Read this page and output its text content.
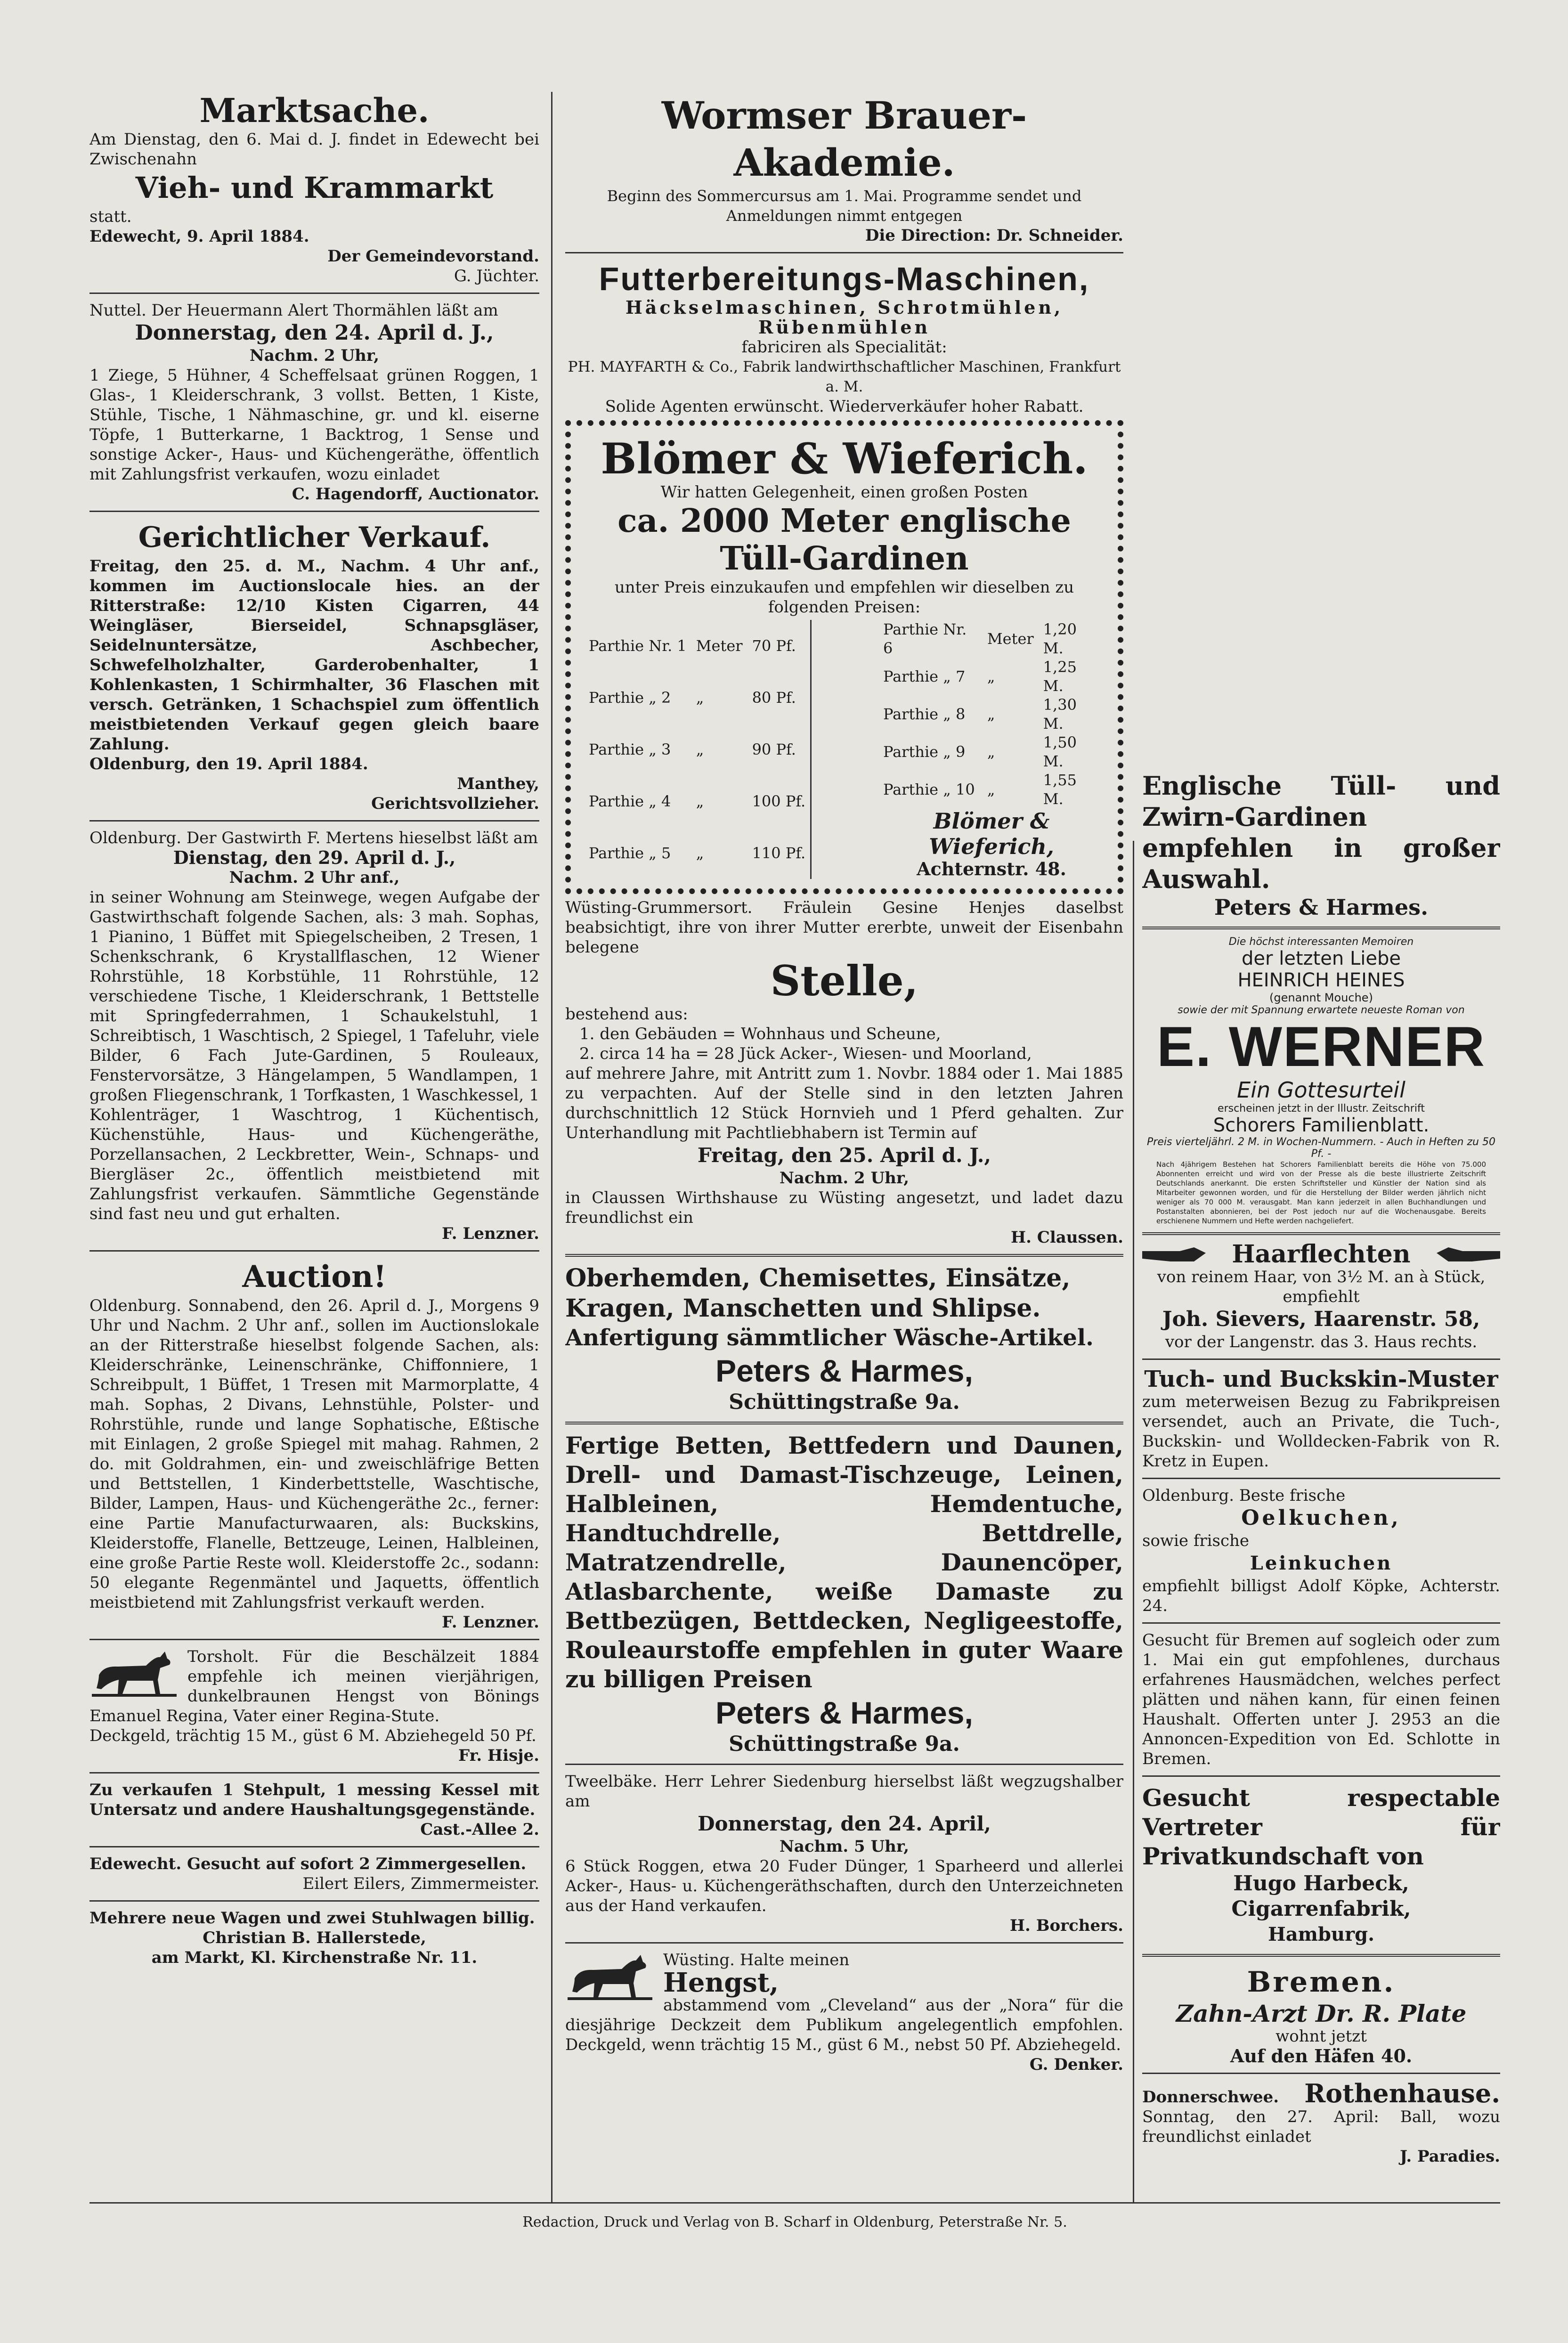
Marktsache.

Am Dienstag, den 6. Mai d. J. findet in Edewecht bei Zwischenahn

Vieh- und Krammarkt

statt.

Edewecht, 9. April 1884.

Der Gemeindevorstand.

G. Jüchter.

Nuttel. Der Heuermann Alert Thormählen läßt am

Donnerstag, den 24. April d. J.,
Nachm. 2 Uhr,

1 Ziege, 5 Hühner, 4 Scheffelsaat grünen Roggen, 1 Glas-, 1 Kleiderschrank, 3 vollst. Betten, 1 Kiste, Stühle, Tische, 1 Nähmaschine, gr. und kl. eiserne Töpfe, 1 Butterkarne, 1 Backtrog, 1 Sense und sonstige Acker-, Haus- und Küchengeräthe, öffentlich mit Zahlungsfrist verkaufen, wozu einladet

C. Hagendorff, Auctionator.

Gerichtlicher Verkauf.

Freitag, den 25. d. M., Nachm. 4 Uhr anf., kommen im Auctionslocale hies. an der Ritterstraße: 12/10 Kisten Cigarren, 44 Weingläser, Bierseidel, Schnapsgläser, Seidelnuntersätze, Aschbecher, Schwefelholzhalter, Garderobenhalter, 1 Kohlenkasten, 1 Schirmhalter, 36 Flaschen mit versch. Getränken, 1 Schachspiel zum öffentlich meistbietenden Verkauf gegen gleich baare Zahlung.

Oldenburg, den 19. April 1884.

Manthey,

Gerichtsvollzieher.

Oldenburg. Der Gastwirth F. Mertens hieselbst läßt am

Dienstag, den 29. April d. J.,
Nachm. 2 Uhr anf.,

in seiner Wohnung am Steinwege, wegen Aufgabe der Gastwirthschaft folgende Sachen, als: 3 mah. Sophas, 1 Pianino, 1 Büffet mit Spiegelscheiben, 2 Tresen, 1 Schenkschrank, 6 Krystallflaschen, 12 Wiener Rohrstühle, 18 Korbstühle, 11 Rohrstühle, 12 verschiedene Tische, 1 Kleiderschrank, 1 Bettstelle mit Springfederrahmen, 1 Schaukelstuhl, 1 Schreibtisch, 1 Waschtisch, 2 Spiegel, 1 Tafeluhr, viele Bilder, 6 Fach Jute-Gardinen, 5 Rouleaux, Fenstervorsätze, 3 Hängelampen, 5 Wandlampen, 1 großen Fliegenschrank, 1 Torfkasten, 1 Waschkessel, 1 Kohlenträger, 1 Waschtrog, 1 Küchentisch, Küchenstühle, Haus- und Küchengeräthe, Porzellansachen, 2 Leckbretter, Wein-, Schnaps- und Biergläser 2c., öffentlich meistbietend mit Zahlungsfrist verkaufen. Sämmtliche Gegenstände sind fast neu und gut erhalten.

F. Lenzner.

Auction!

Oldenburg. Sonnabend, den 26. April d. J., Morgens 9 Uhr und Nachm. 2 Uhr anf., sollen im Auctionslokale an der Ritterstraße hieselbst folgende Sachen, als: Kleiderschränke, Leinenschränke, Chiffonniere, 1 Schreibpult, 1 Büffet, 1 Tresen mit Marmorplatte, 4 mah. Sophas, 2 Divans, Lehnstühle, Polster- und Rohrstühle, runde und lange Sophatische, Eßtische mit Einlagen, 2 große Spiegel mit mahag. Rahmen, 2 do. mit Goldrahmen, ein- und zweischläfrige Betten und Bettstellen, 1 Kinderbettstelle, Waschtische, Bilder, Lampen, Haus- und Küchengeräthe 2c., ferner: eine Partie Manufacturwaaren, als: Buckskins, Kleiderstoffe, Flanelle, Bettzeuge, Leinen, Halbleinen, eine große Partie Reste woll. Kleiderstoffe 2c., sodann: 50 elegante Regenmäntel und Jaquetts, öffentlich meistbietend mit Zahlungsfrist verkauft werden.

F. Lenzner.

Torsholt. Für die Beschälzeit 1884 empfehle ich meinen vierjährigen, dunkelbraunen Hengst von Bönings Emanuel Regina, Vater einer Regina-Stute.

Deckgeld, trächtig 15 M., güst 6 M. Abziehegeld 50 Pf.

Fr. Hisje.

Zu verkaufen 1 Stehpult, 1 messing Kessel mit Untersatz und andere Haushaltungsgegenstände.

Cast.-Allee 2.

Edewecht. Gesucht auf sofort 2 Zimmergesellen.

Eilert Eilers, Zimmermeister.

Mehrere neue Wagen und zwei Stuhlwagen billig.

Christian B. Hallerstede,

am Markt, Kl. Kirchenstraße Nr. 11.

Wormser Brauer-Akademie.

Beginn des Sommercursus am 1. Mai. Programme sendet und Anmeldungen nimmt entgegen

Die Direction: Dr. Schneider.

Futterbereitungs-Maschinen,
Häckselmaschinen, Schrotmühlen, Rübenmühlen

fabriciren als Specialität:

PH. MAYFARTH & Co., Fabrik landwirthschaftlicher Maschinen, Frankfurt a. M.

Solide Agenten erwünscht. Wiederverkäufer hoher Rabatt.

Blömer & Wieferich.

Wir hatten Gelegenheit, einen großen Posten

ca. 2000 Meter englische Tüll-Gardinen

unter Preis einzukaufen und empfehlen wir dieselben zu folgenden Preisen:

Parthie Nr. 1	Meter	70 Pf.
Parthie „ 2	„	80 Pf.
Parthie „ 3	„	90 Pf.
Parthie „ 4	„	100 Pf.
Parthie „ 5	„	110 Pf.
Parthie Nr. 6	Meter	1,20 M.
Parthie „ 7	„	1,25 M.
Parthie „ 8	„	1,30 M.
Parthie „ 9	„	1,50 M.
Parthie „ 10	„	1,55 M.
Blömer & Wieferich,
Achternstr. 48.

Wüsting-Grummersort. Fräulein Gesine Henjes daselbst beabsichtigt, ihre von ihrer Mutter ererbte, unweit der Eisenbahn belegene

Stelle,

bestehend aus:

1. den Gebäuden = Wohnhaus und Scheune,

2. circa 14 ha = 28 Jück Acker-, Wiesen- und Moorland,

auf mehrere Jahre, mit Antritt zum 1. Novbr. 1884 oder 1. Mai 1885 zu verpachten. Auf der Stelle sind in den letzten Jahren durchschnittlich 12 Stück Hornvieh und 1 Pferd gehalten. Zur Unterhandlung mit Pachtliebhabern ist Termin auf

Freitag, den 25. April d. J.,
Nachm. 2 Uhr,

in Claussen Wirthshause zu Wüsting angesetzt, und ladet dazu freundlichst ein

H. Claussen.

Oberhemden, Chemisettes, Einsätze, Kragen, Manschetten und Shlipse.

Anfertigung sämmtlicher Wäsche-Artikel.

Peters & Harmes,
Schüttingstraße 9a.

Fertige Betten, Bettfedern und Daunen, Drell- und Damast-Tischzeuge, Leinen, Halbleinen, Hemdentuche, Handtuchdrelle, Bettdrelle, Matratzendrelle, Daunencöper, Atlasbarchente, weiße Damaste zu Bettbezügen, Bettdecken, Negligeestoffe, Rouleaurstoffe empfehlen in guter Waare zu billigen Preisen

Peters & Harmes,
Schüttingstraße 9a.

Tweelbäke. Herr Lehrer Siedenburg hierselbst läßt wegzugshalber am

Donnerstag, den 24. April,
Nachm. 5 Uhr,

6 Stück Roggen, etwa 20 Fuder Dünger, 1 Sparheerd und allerlei Acker-, Haus- u. Küchengeräthschaften, durch den Unterzeichneten aus der Hand verkaufen.

H. Borchers.

Wüsting. Halte meinen

Hengst,

abstammend vom „Cleveland“ aus der „Nora“ für die diesjährige Deckzeit dem Publikum angelegentlich empfohlen. Deckgeld, wenn trächtig 15 M., güst 6 M., nebst 50 Pf. Abziehegeld.

G. Denker.

Englische Tüll- und Zwirn-Gardinen empfehlen in großer Auswahl.

Peters & Harmes.

Die höchst interessanten Memoiren

der letzten Liebe

HEINRICH HEINES

(genannt Mouche)

sowie der mit Spannung erwartete neueste Roman von

E. WERNER

Ein Gottesurteil

erscheinen jetzt in der Illustr. Zeitschrift

Schorers Familienblatt.

Preis vierteljährl. 2 M. in Wochen-Nummern. - Auch in Heften zu 50 Pf. -

Nach 4jährigem Bestehen hat Schorers Familienblatt bereits die Höhe von 75.000 Abonnenten erreicht und wird von der Presse als die beste illustrierte Zeitschrift Deutschlands anerkannt. Die ersten Schriftsteller und Künstler der Nation sind als Mitarbeiter gewonnen worden, und für die Herstellung der Bilder werden jährlich nicht weniger als 70 000 M. verausgabt. Man kann jederzeit in allen Buchhandlungen und Postanstalten abonnieren, bei der Post jedoch nur auf die Wochenausgabe. Bereits erschienene Nummern und Hefte werden nachgeliefert.

Haarflechten

von reinem Haar, von 3½ M. an à Stück, empfiehlt

Joh. Sievers, Haarenstr. 58,

vor der Langenstr. das 3. Haus rechts.

Tuch- und Buckskin-Muster

zum meterweisen Bezug zu Fabrikpreisen versendet, auch an Private, die Tuch-, Buckskin- und Wolldecken-Fabrik von R. Kretz in Eupen.

Oldenburg. Beste frische

Oelkuchen,

sowie frische

Leinkuchen

empfiehlt billigst Adolf Köpke, Achterstr. 24.

Gesucht für Bremen auf sogleich oder zum 1. Mai ein gut empfohlenes, durchaus erfahrenes Hausmädchen, welches perfect plätten und nähen kann, für einen feinen Haushalt. Offerten unter J. 2953 an die Annoncen-Expedition von Ed. Schlotte in Bremen.

Gesucht respectable Vertreter für Privatkundschaft von

Hugo Harbeck, Cigarrenfabrik,
Hamburg.
Bremen.
Zahn-Arzt Dr. R. Plate

wohnt jetzt

Auf den Häfen 40.

Donnerschwee. Rothenhause.

Sonntag, den 27. April: Ball, wozu freundlichst einladet

J. Paradies.

Redaction, Druck und Verlag von B. Scharf in Oldenburg, Peterstraße Nr. 5.
